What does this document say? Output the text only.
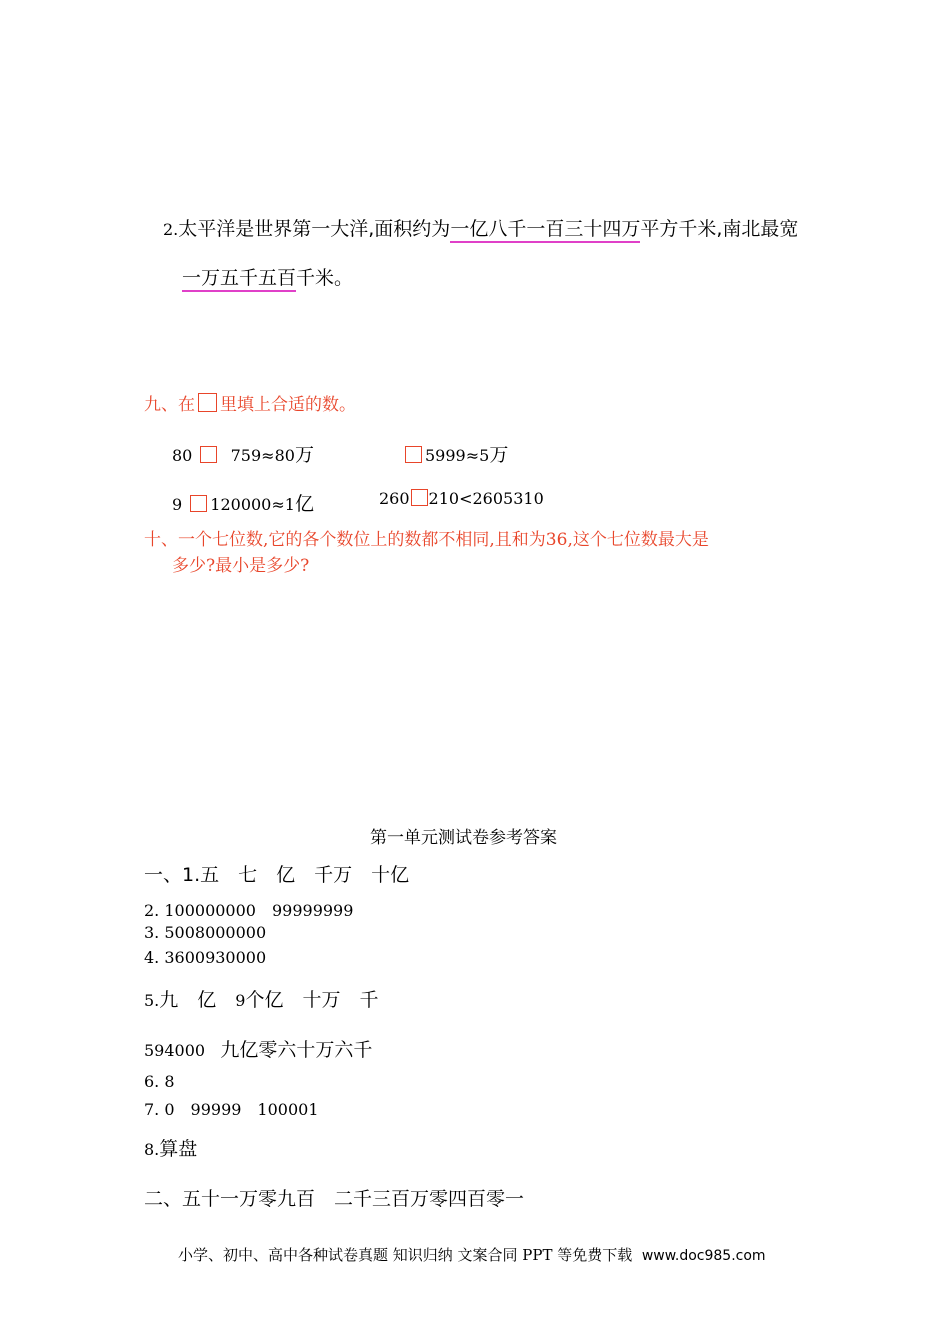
2.太平洋是世界第一大洋,面积约为一亿八千一百三十四万平方千米,南北最宽
一万五千五百千米。
九、在 里填上合适的数。
80 759≈80万	5999≈5万
9 120000≈1亿	260 210<2605310
十、一个七位数,它的各个数位上的数都不相同,且和为36,这个七位数最大是
多少?最小是多少?
第一单元测试卷参考答案
一、1.五　七　亿　千万　十亿
2. 100000000　99999999
3. 5008000000
4. 3600930000
5.九　亿　9个亿　十万　千
594000 九亿零六十万六千
6. 8
7. 0　99999　100001
8.算盘
二、五十一万零九百　二千三百万零四百零一
小学、初中、高中各种试卷真题 知识归纳 文案合同 PPT 等免费下载 www.doc985.com
